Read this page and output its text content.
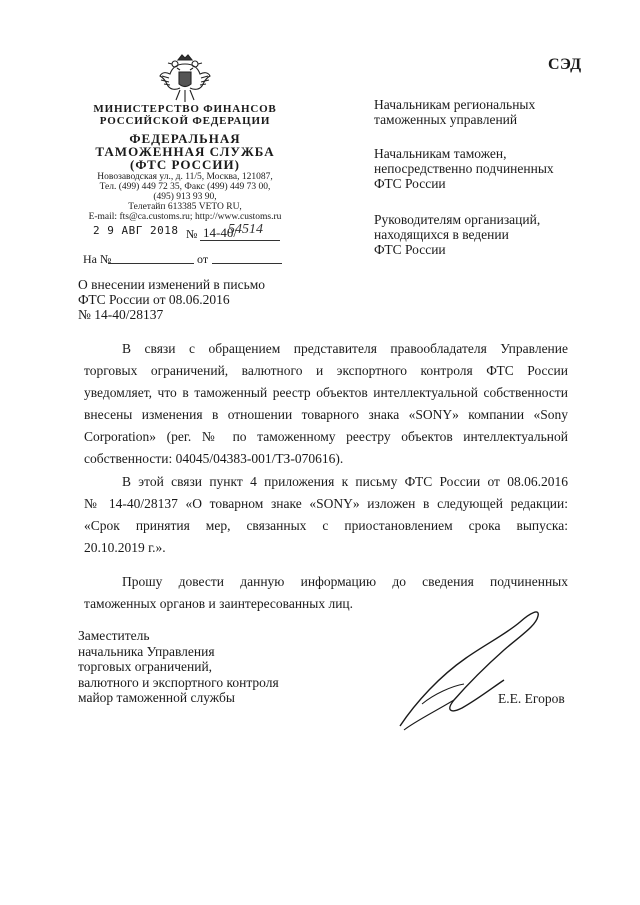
СЭД
МИНИСТЕРСТВО ФИНАНСОВ
РОССИЙСКОЙ ФЕДЕРАЦИИ
ФЕДЕРАЛЬНАЯ
ТАМОЖЕННАЯ СЛУЖБА
(ФТС РОССИИ)
Новозаводская ул., д. 11/5, Москва, 121087,
Тел. (499) 449 72 35, Факс (499) 449 73 00,
(495) 913 93 90,
Телетайп 613385 VETO RU,
E-mail: fts@ca.customs.ru; http://www.customs.ru
2 9 АВГ 2018 № 14-40/
54514
На №	от
Начальникам региональных
таможенных управлений
Начальникам таможен,
непосредственно подчиненных
ФТС России
Руководителям организаций,
находящихся в ведении
ФТС России
О внесении изменений в письмо
ФТС России от 08.06.2016
№ 14-40/28137
В связи с обращением представителя правообладателя Управление
торговых ограничений, валютного и экспортного контроля ФТС России
уведомляет, что в таможенный реестр объектов интеллектуальной собственности
внесены изменения в отношении товарного знака «SONY» компании «Sony
Corporation» (рег. № по таможенному реестру объектов интеллектуальной
собственности: 04045/04383-001/ТЗ-070616).
В этой связи пункт 4 приложения к письму ФТС России от 08.06.2016
№ 14-40/28137 «О товарном знаке «SONY» изложен в следующей редакции:
«Срок принятия мер, связанных с приостановлением срока выпуска:
20.10.2019 г.».
Прошу довести данную информацию до сведения подчиненных
таможенных органов и заинтересованных лиц.
Заместитель
начальника Управления
торговых ограничений,
валютного и экспортного контроля
майор таможенной службы	Е.Е. Егоров
